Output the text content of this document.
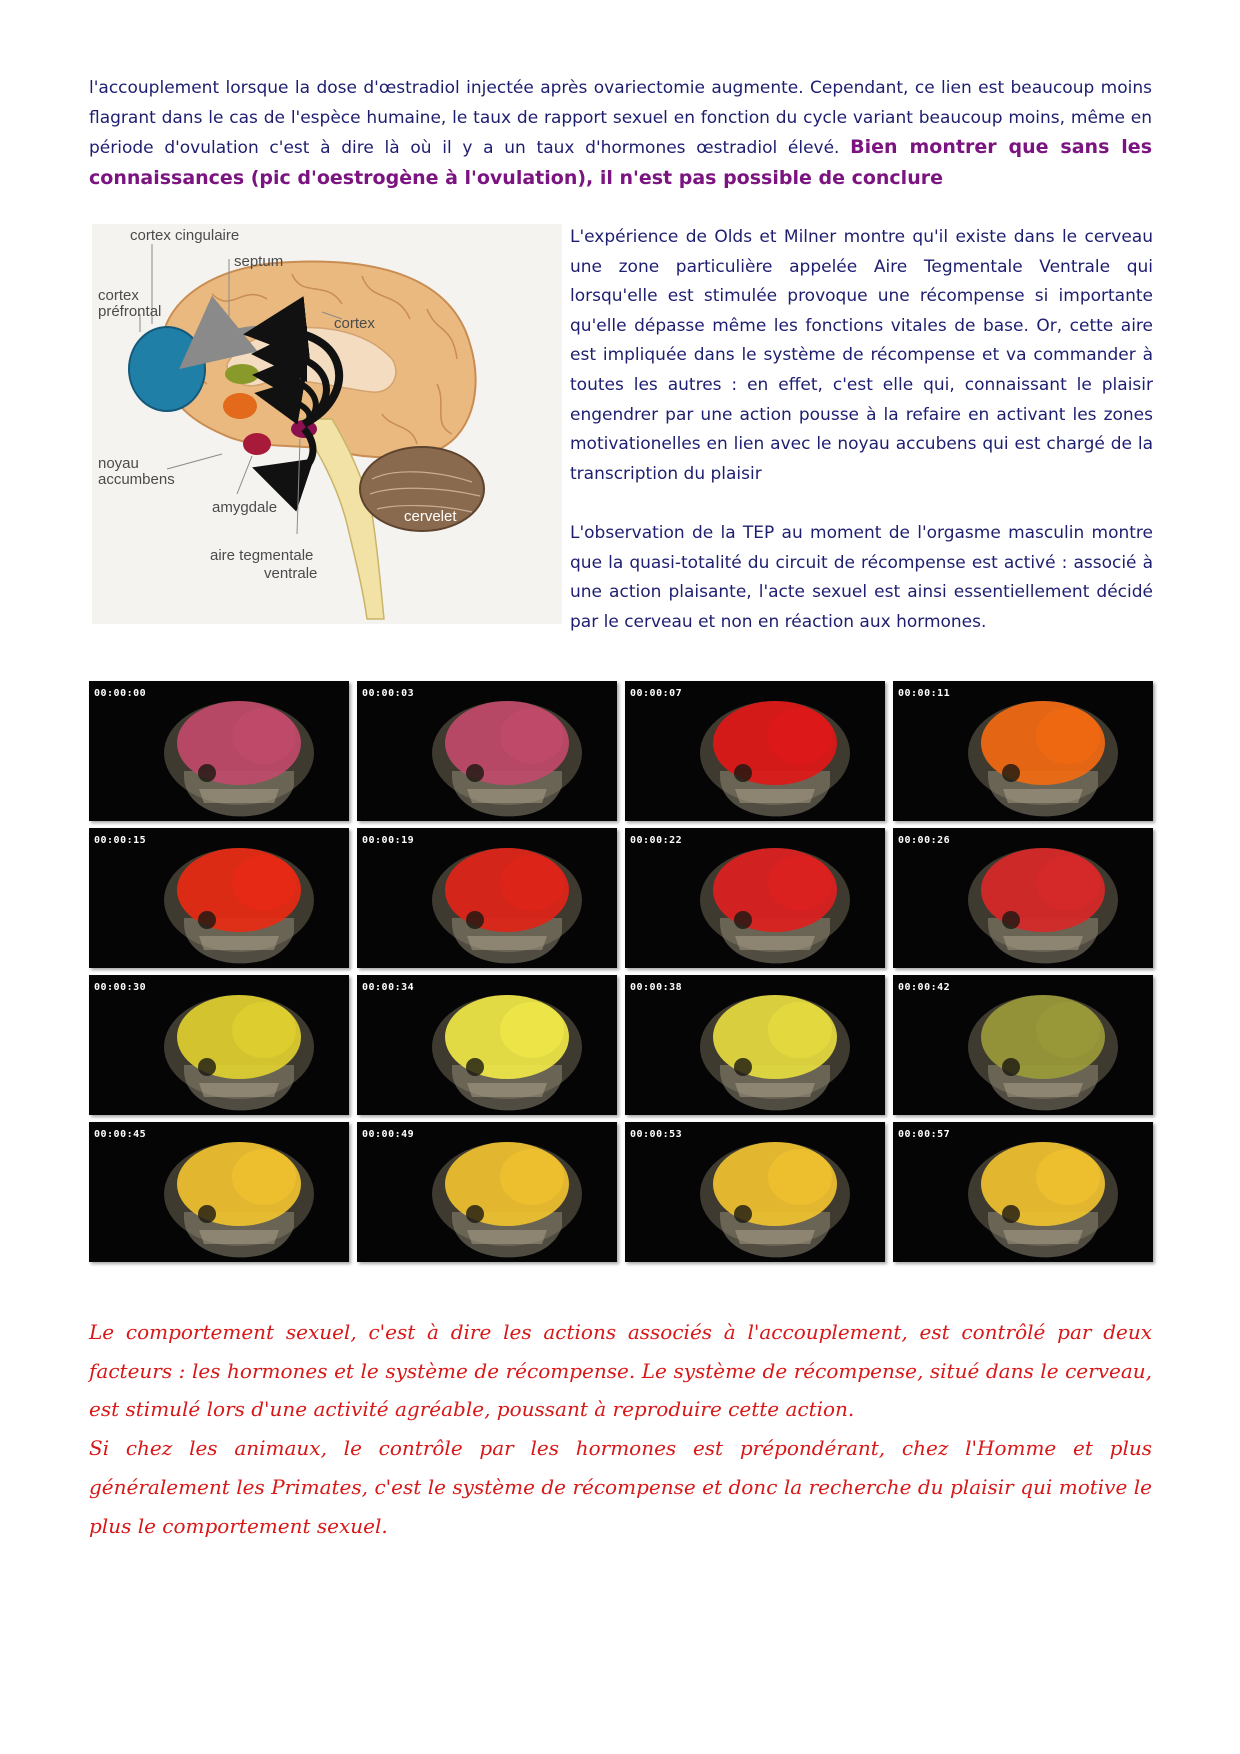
l'accouplement lorsque la dose d'œstradiol injectée après ovariectomie augmente. Cependant, ce lien est beaucoup moins flagrant dans le cas de l'espèce humaine, le taux de rapport sexuel en fonction du cycle variant beaucoup moins, même en période d'ovulation c'est à dire là où il y a un taux d'hormones œstradiol élevé. Bien montrer que sans les connaissances (pic d'oestrogène à l'ovulation), il n'est pas possible de conclure

cortex cingulaire
septum
cortex
préfrontal
cortex
noyau
accumbens
amygdale
cervelet
aire tegmentale
ventrale

L'expérience de Olds et Milner montre qu'il existe dans le cerveau une zone particulière appelée Aire Tegmentale Ventrale qui lorsqu'elle est stimulée provoque une récompense si importante qu'elle dépasse même les fonctions vitales de base. Or, cette aire est impliquée dans le système de récompense et va commander à toutes les autres : en effet, c'est elle qui, connaissant le plaisir engendrer par une action pousse à la refaire en activant les zones motivationelles en lien avec le noyau accubens qui est chargé de la transcription du plaisir

L'observation de la TEP au moment de l'orgasme masculin montre que la quasi-totalité du circuit de récompense est activé : associé à une action plaisante, l'acte sexuel est ainsi essentiellement décidé par le cerveau et non en réaction aux hormones.

00:00:00	00:00:03	00:00:07	00:00:11
00:00:15	00:00:19	00:00:22	00:00:26
00:00:30	00:00:34	00:00:38	00:00:42
00:00:45	00:00:49	00:00:53	00:00:57

Le comportement sexuel, c'est à dire les actions associés à l'accouplement, est contrôlé par deux facteurs : les hormones et le système de récompense. Le système de récompense, situé dans le cerveau, est stimulé lors d'une activité agréable, poussant à reproduire cette action.

Si chez les animaux, le contrôle par les hormones est prépondérant, chez l'Homme et plus généralement les Primates, c'est le système de récompense et donc la recherche du plaisir qui motive le plus le comportement sexuel.
